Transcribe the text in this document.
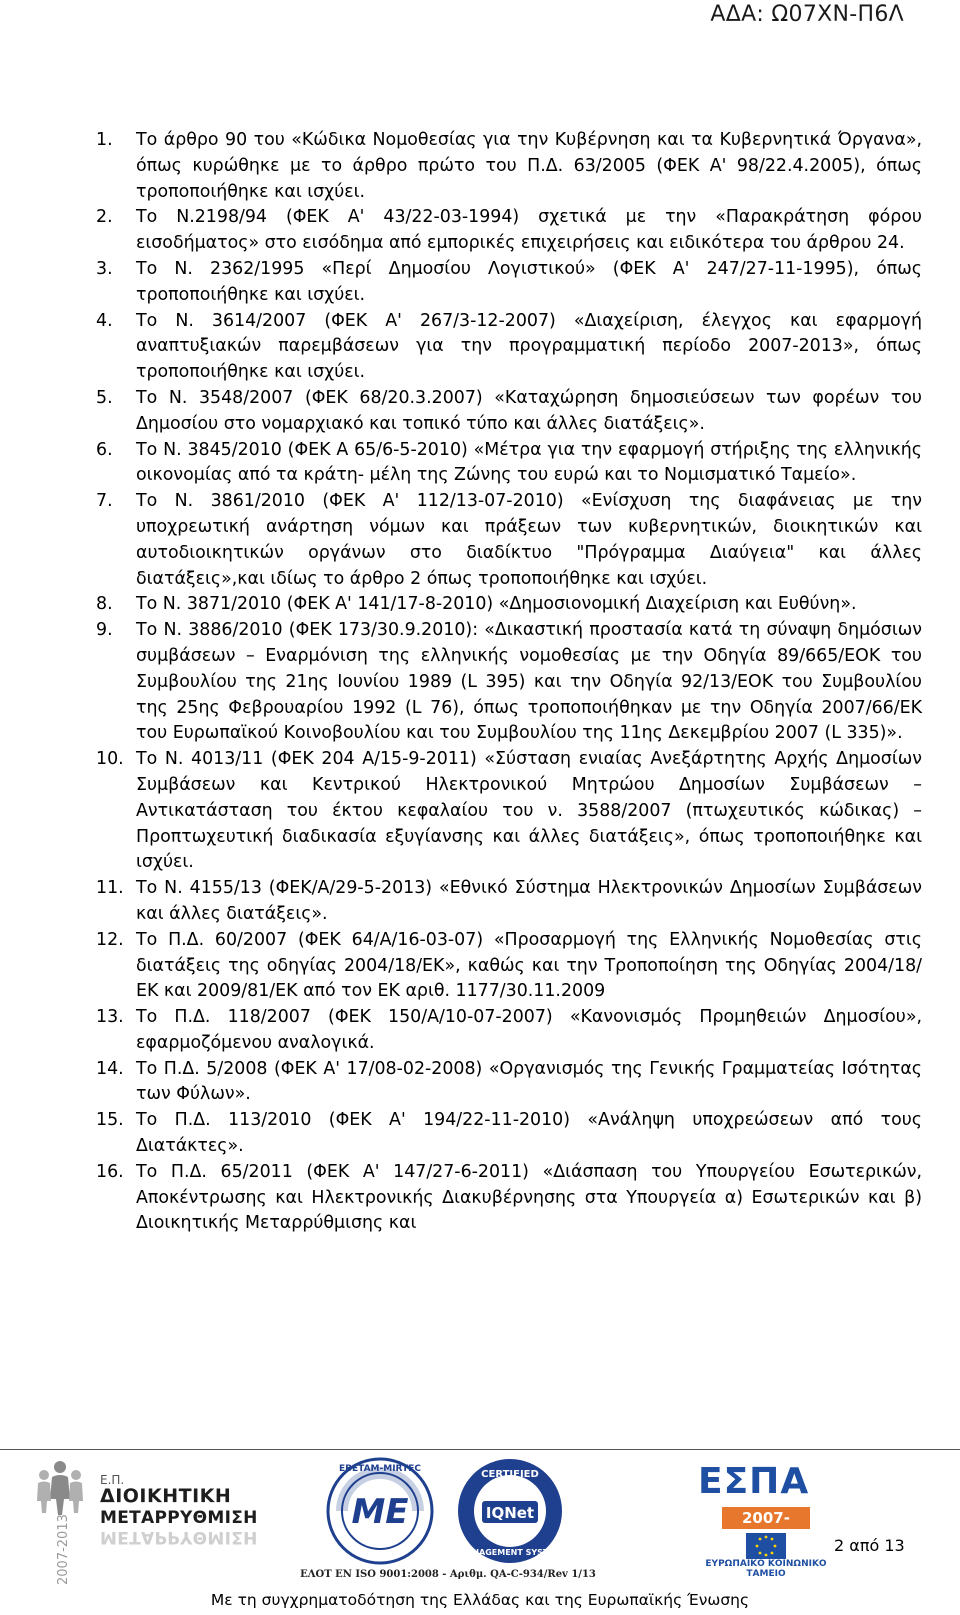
ΑΔΑ: Ω07ΧΝ-Π6Λ
1.	Το άρθρο 90 του «Κώδικα Νομοθεσίας για την Κυβέρνηση και τα Κυβερνητικά Όργανα», όπως κυρώθηκε με το άρθρο πρώτο του Π.Δ. 63/2005 (ΦΕΚ Α' 98/22.4.2005), όπως τροποποιήθηκε και ισχύει.
2.	Το Ν.2198/94 (ΦΕΚ Α' 43/22-03-1994) σχετικά με την «Παρακράτηση φόρου εισοδήματος» στο εισόδημα από εμπορικές επιχειρήσεις και ειδικότερα του άρθρου 24.
3.	Το Ν. 2362/1995 «Περί Δημοσίου Λογιστικού» (ΦΕΚ Α' 247/27-11-1995), όπως τροποποιήθηκε και ισχύει.
4.	Το Ν. 3614/2007 (ΦΕΚ Α' 267/3-12-2007) «Διαχείριση, έλεγχος και εφαρμογή αναπτυξιακών παρεμβάσεων για την προγραμματική περίοδο 2007-2013», όπως τροποποιήθηκε και ισχύει.
5.	Το Ν. 3548/2007 (ΦΕΚ 68/20.3.2007) «Καταχώρηση δημοσιεύσεων των φορέων του Δημοσίου στο νομαρχιακό και τοπικό τύπο και άλλες διατάξεις».
6.	Το Ν. 3845/2010 (ΦΕΚ Α 65/6-5-2010) «Μέτρα για την εφαρμογή στήριξης της ελληνικής οικονομίας από τα κράτη- μέλη της Ζώνης του ευρώ και το Νομισματικό Ταμείο».
7.	Το Ν. 3861/2010 (ΦΕΚ Α' 112/13-07-2010) «Ενίσχυση της διαφάνειας με την υποχρεωτική ανάρτηση νόμων και πράξεων των κυβερνητικών, διοικητικών και αυτοδιοικητικών οργάνων στο διαδίκτυο "Πρόγραμμα Διαύγεια" και άλλες διατάξεις»,και ιδίως το άρθρο 2 όπως τροποποιήθηκε και ισχύει.
8.	Το Ν. 3871/2010 (ΦΕΚ Α' 141/17-8-2010) «Δημοσιονομική Διαχείριση και Ευθύνη».
9.	Το Ν. 3886/2010 (ΦΕΚ 173/30.9.2010): «Δικαστική προστασία κατά τη σύναψη δημόσιων συμβάσεων – Εναρμόνιση της ελληνικής νομοθεσίας με την Οδηγία 89/665/ΕΟΚ του Συμβουλίου της 21ης Ιουνίου 1989 (L 395) και την Οδηγία 92/13/ΕΟΚ του Συμβουλίου της 25ης Φεβρουαρίου 1992 (L 76), όπως τροποποιήθηκαν με την Οδηγία 2007/66/ΕΚ του Ευρωπαϊκού Κοινοβουλίου και του Συμβουλίου της 11ης Δεκεμβρίου 2007 (L 335)».
10. Το Ν. 4013/11 (ΦΕΚ 204 Α/15-9-2011) «Σύσταση ενιαίας Ανεξάρτητης Αρχής Δημοσίων Συμβάσεων και Κεντρικού Ηλεκτρονικού Μητρώου Δημοσίων Συμβάσεων – Αντικατάσταση του έκτου κεφαλαίου του ν. 3588/2007 (πτωχευτικός κώδικας) – Προπτωχευτική διαδικασία εξυγίανσης και άλλες διατάξεις», όπως τροποποιήθηκε και ισχύει.
11. Το Ν. 4155/13 (ΦΕΚ/Α/29-5-2013) «Εθνικό Σύστημα Ηλεκτρονικών Δημοσίων Συμβάσεων και άλλες διατάξεις».
12. Το Π.Δ. 60/2007 (ΦΕΚ 64/Α/16-03-07) «Προσαρμογή της Ελληνικής Νομοθεσίας στις διατάξεις της οδηγίας 2004/18/ΕΚ», καθώς και την Τροποποίηση της Οδηγίας 2004/18/ΕΚ και 2009/81/ΕΚ από τον ΕΚ αριθ. 1177/30.11.2009
13. Το Π.Δ. 118/2007 (ΦΕΚ 150/Α/10-07-2007) «Κανονισμός Προμηθειών Δημοσίου», εφαρμοζόμενου αναλογικά.
14. Το Π.Δ. 5/2008 (ΦΕΚ Α' 17/08-02-2008) «Οργανισμός της Γενικής Γραμματείας Ισότητας των Φύλων».
15. Το Π.Δ. 113/2010 (ΦΕΚ Α' 194/22-11-2010) «Ανάληψη υποχρεώσεων από τους Διατάκτες».
16. Το Π.Δ. 65/2011 (ΦΕΚ Α' 147/27-6-2011) «Διάσπαση του Υπουργείου Εσωτερικών, Αποκέντρωσης και Ηλεκτρονικής Διακυβέρνησης στα Υπουργεία α) Εσωτερικών και β) Διοικητικής Μεταρρύθμισης και
2007-2013
Ε.Π.
ΔΙΟΙΚΗΤΙΚΗ
ΜΕΤΑΡΡΥΘΜΙΣΗ
ΜΕΤΑΡΡΥΘΜΙΣΗ
ME
EBETAM-MIRTEC	CERTIFIED
MANAGEMENT SYSTEM
IQNet
ΕΛΟΤ ΕΝ ISO 9001:2008 - Αριθμ. QA-C-934/Rev 1/13
ΕΣΠΑ
2007-
ΕΥΡΩΠΑΪΚΟ ΚΟΙΝΩΝΙΚΟ ΤΑΜΕΙΟ
2 από 13
Με τη συγχρηματοδότηση της Ελλάδας και της Ευρωπαϊκής Ένωσης
